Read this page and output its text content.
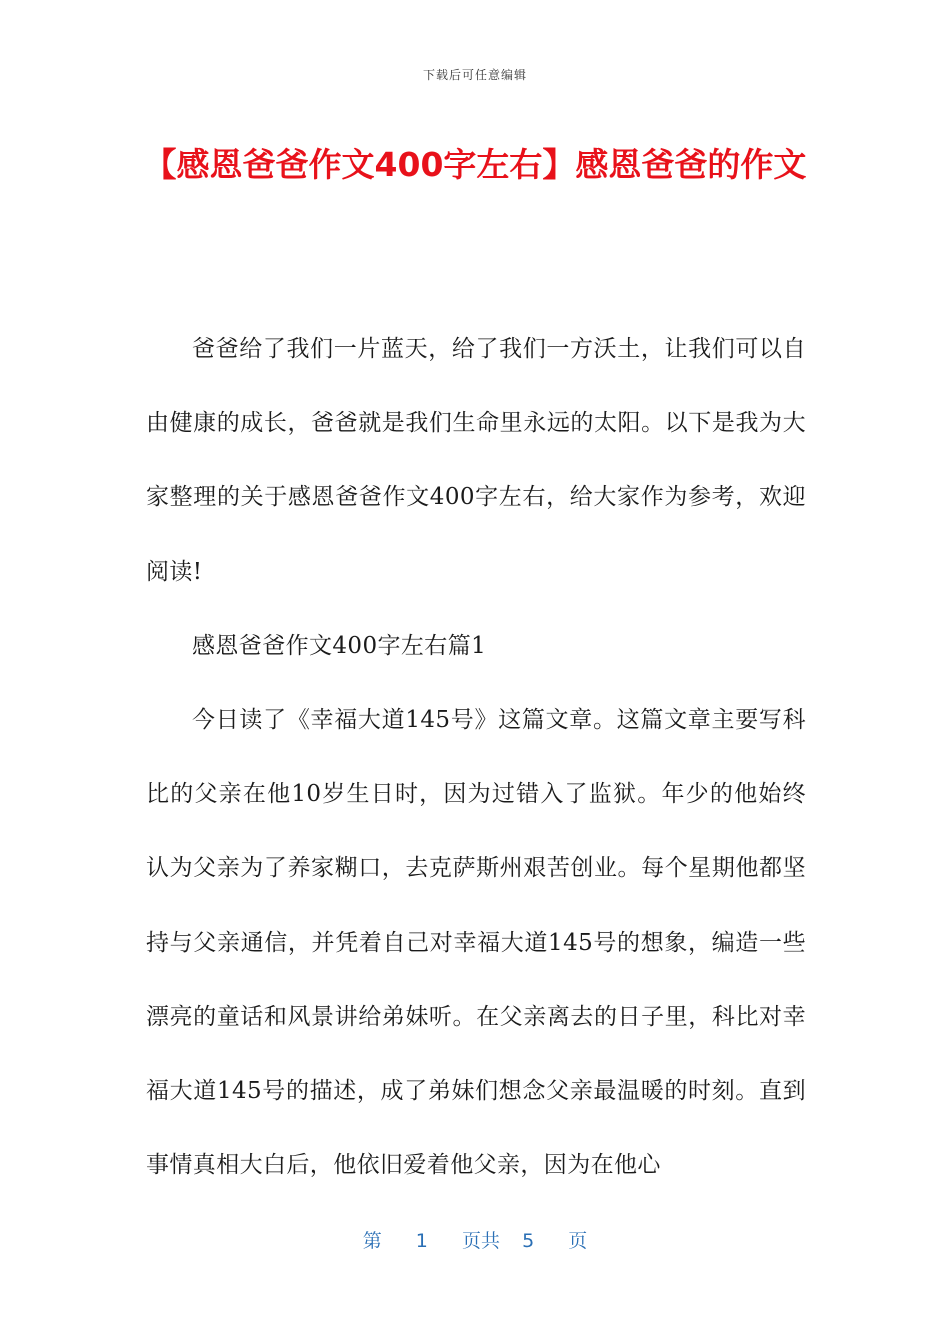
下载后可任意编辑
【感恩爸爸作文400字左右】感恩爸爸的作文

爸爸给了我们一片蓝天，给了我们一方沃土，让我们可以自由健康的成长，爸爸就是我们生命里永远的太阳。以下是我为大家整理的关于感恩爸爸作文400字左右，给大家作为参考，欢迎阅读!

感恩爸爸作文400字左右篇1

今日读了《幸福大道145号》这篇文章。这篇文章主要写科比的父亲在他10岁生日时，因为过错入了监狱。年少的他始终认为父亲为了养家糊口，去克萨斯州艰苦创业。每个星期他都坚持与父亲通信，并凭着自己对幸福大道145号的想象，编造一些漂亮的童话和风景讲给弟妹听。在父亲离去的日子里，科比对幸福大道145号的描述，成了弟妹们想念父亲最温暖的时刻。直到事情真相大白后，他依旧爱着他父亲，因为在他心

第 1 页共 5 页
